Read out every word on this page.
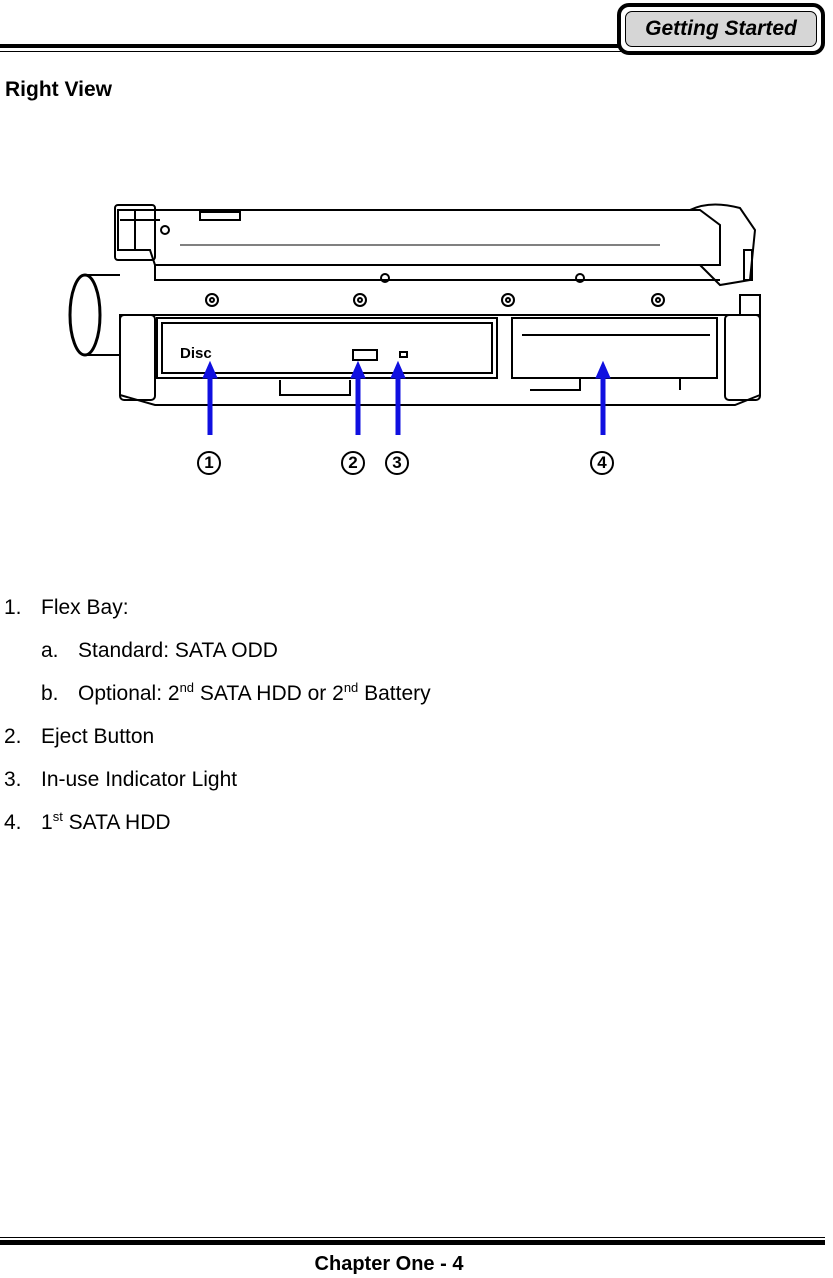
Getting Started
Right View
Disc
1	2 3	4
1. Flex Bay:
a. Standard: SATA ODD
b. Optional: 2nd SATA HDD or 2nd Battery
2. Eject Button
3. In-use Indicator Light
4. 1st SATA HDD
Chapter One - 4
